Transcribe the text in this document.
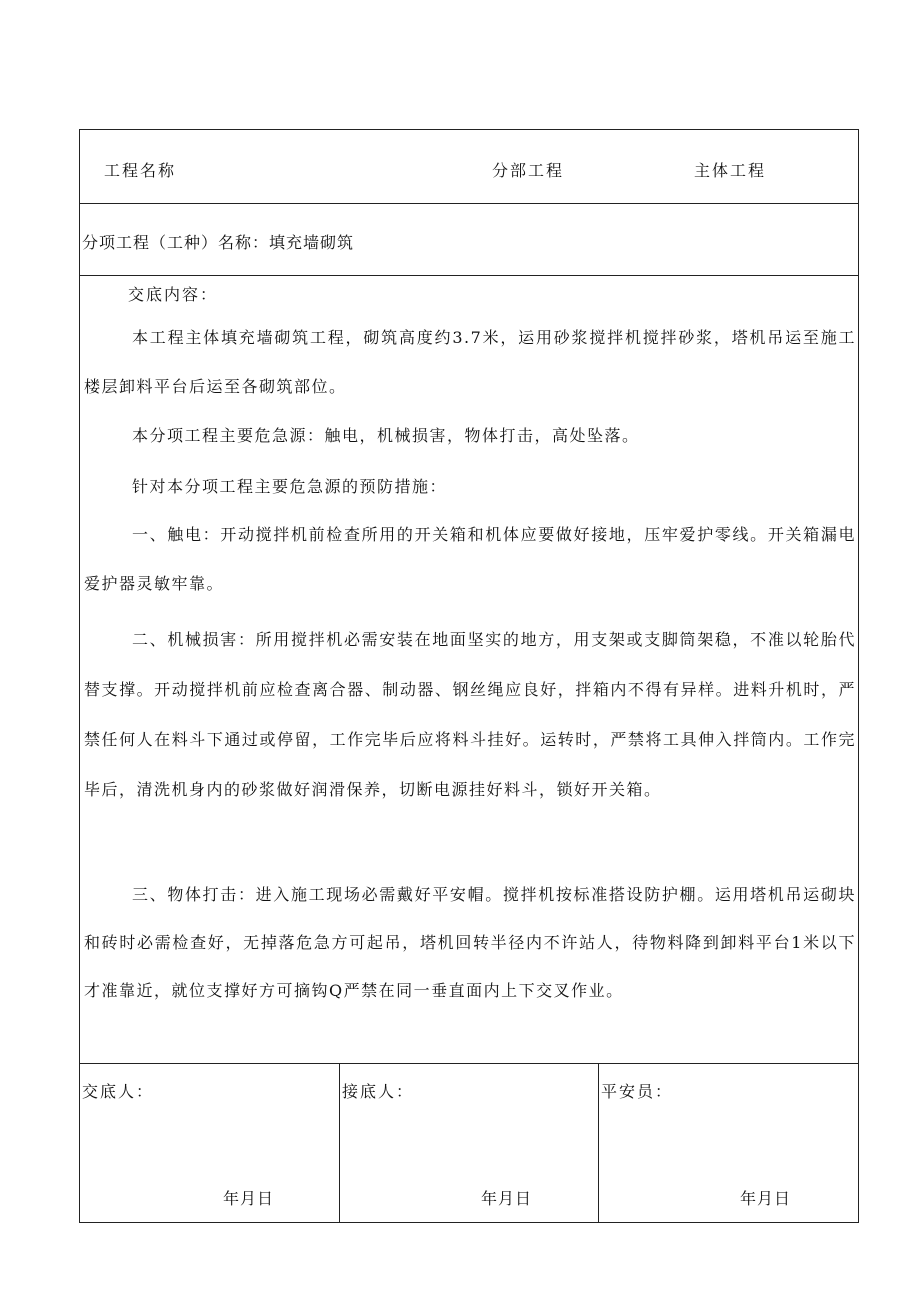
工程名称	分部工程	主体工程
分项工程（工种）名称：填充墙砌筑
交底内容：

本工程主体填充墙砌筑工程，砌筑高度约3.7米，运用砂浆搅拌机搅拌砂浆，塔机吊运至施工楼层卸料平台后运至各砌筑部位。

本分项工程主要危急源：触电，机械损害，物体打击，高处坠落。

针对本分项工程主要危急源的预防措施：

一、触电：开动搅拌机前检查所用的开关箱和机体应要做好接地，压牢爱护零线。开关箱漏电爱护器灵敏牢靠。

二、机械损害：所用搅拌机必需安装在地面坚实的地方，用支架或支脚筒架稳，不准以轮胎代替支撑。开动搅拌机前应检查离合器、制动器、钢丝绳应良好，拌箱内不得有异样。进料升机时，严禁任何人在料斗下通过或停留，工作完毕后应将料斗挂好。运转时，严禁将工具伸入拌筒内。工作完毕后，清洗机身内的砂浆做好润滑保养，切断电源挂好料斗，锁好开关箱。

三、物体打击：进入施工现场必需戴好平安帽。搅拌机按标准搭设防护棚。运用塔机吊运砌块和砖时必需检查好，无掉落危急方可起吊，塔机回转半径内不许站人，待物料降到卸料平台1米以下才准靠近，就位支撑好方可摘钩Q严禁在同一垂直面内上下交叉作业。

交底人：
年月日
接底人：
年月日
平安员：
年月日
